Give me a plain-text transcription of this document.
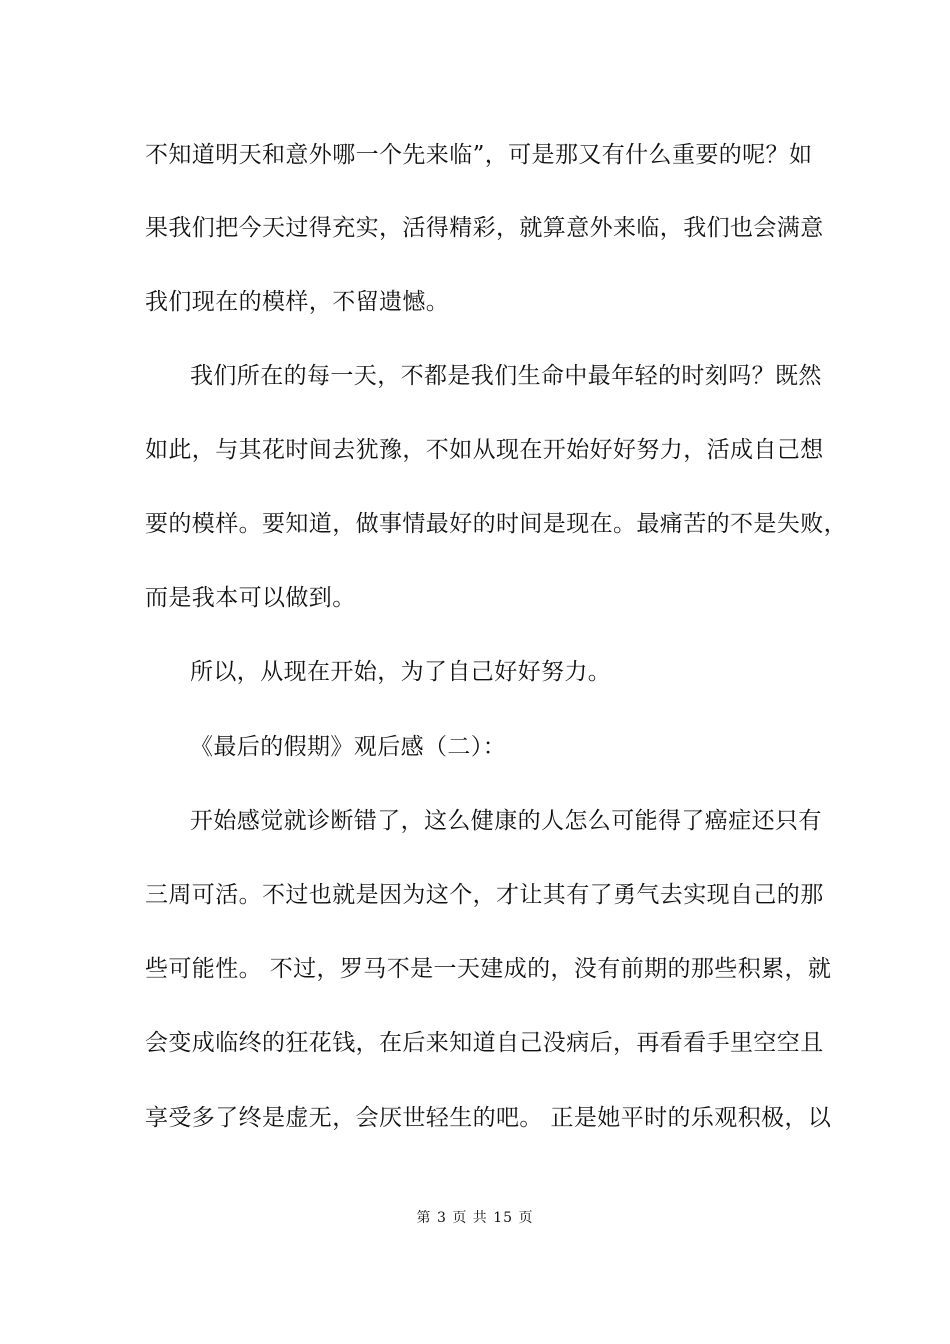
不知道明天和意外哪一个先来临”，可是那又有什么重要的呢？如
果我们把今天过得充实，活得精彩，就算意外来临，我们也会满意
我们现在的模样，不留遗憾。
我们所在的每一天，不都是我们生命中最年轻的时刻吗？既然
如此，与其花时间去犹豫，不如从现在开始好好努力，活成自己想
要的模样。要知道，做事情最好的时间是现在。最痛苦的不是失败，
而是我本可以做到。
所以，从现在开始，为了自己好好努力。
《最后的假期》观后感（二）：
开始感觉就诊断错了，这么健康的人怎么可能得了癌症还只有
三周可活。不过也就是因为这个，才让其有了勇气去实现自己的那
些可能性。 不过，罗马不是一天建成的，没有前期的那些积累，就
会变成临终的狂花钱，在后来知道自己没病后，再看看手里空空且
享受多了终是虚无，会厌世轻生的吧。 正是她平时的乐观积极，以
第 3 页 共 15 页
